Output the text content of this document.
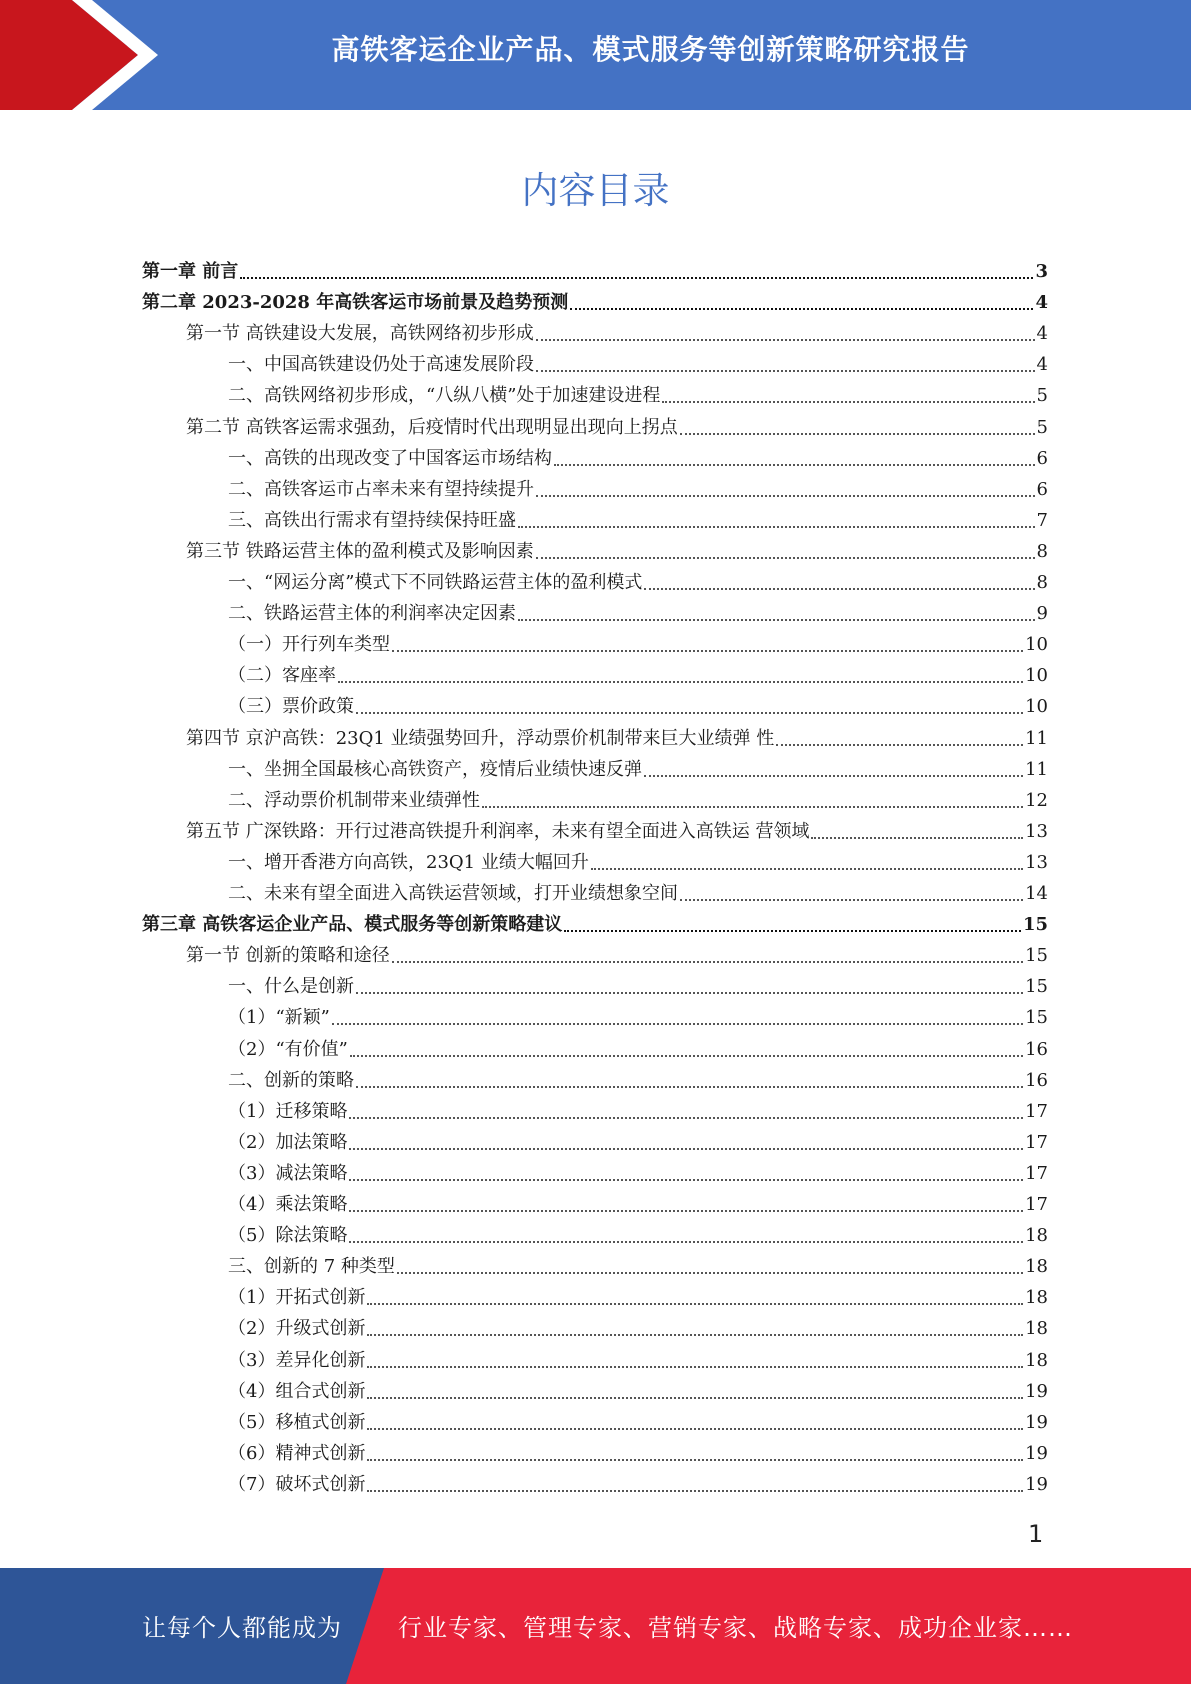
高铁客运企业产品、模式服务等创新策略研究报告
内容目录
第一章 前言	3
第二章 2023-2028 年高铁客运市场前景及趋势预测	4
第一节 高铁建设大发展，高铁网络初步形成	4
一、中国高铁建设仍处于高速发展阶段	4
二、高铁网络初步形成，“八纵八横”处于加速建设进程	5
第二节 高铁客运需求强劲，后疫情时代出现明显出现向上拐点	5
一、高铁的出现改变了中国客运市场结构	6
二、高铁客运市占率未来有望持续提升	6
三、高铁出行需求有望持续保持旺盛	7
第三节 铁路运营主体的盈利模式及影响因素	8
一、“网运分离”模式下不同铁路运营主体的盈利模式	8
二、铁路运营主体的利润率决定因素	9
（一）开行列车类型	10
（二）客座率	10
（三）票价政策	10
第四节 京沪高铁：23Q1 业绩强势回升，浮动票价机制带来巨大业绩弹 性	11
一、坐拥全国最核心高铁资产，疫情后业绩快速反弹	11
二、浮动票价机制带来业绩弹性	12
第五节 广深铁路：开行过港高铁提升利润率，未来有望全面进入高铁运 营领域	13
一、增开香港方向高铁，23Q1 业绩大幅回升	13
二、未来有望全面进入高铁运营领域，打开业绩想象空间	14
第三章 高铁客运企业产品、模式服务等创新策略建议	15
第一节 创新的策略和途径	15
一、什么是创新	15
（1）“新颖”	15
（2）“有价值”	16
二、创新的策略	16
（1）迁移策略	17
（2）加法策略	17
（3）减法策略	17
（4）乘法策略	17
（5）除法策略	18
三、创新的 7 种类型	18
（1）开拓式创新	18
（2）升级式创新	18
（3）差异化创新	18
（4）组合式创新	19
（5）移植式创新	19
（6）精神式创新	19
（7）破坏式创新	19
1
让每个人都能成为 行业专家、管理专家、营销专家、战略专家、成功企业家……
